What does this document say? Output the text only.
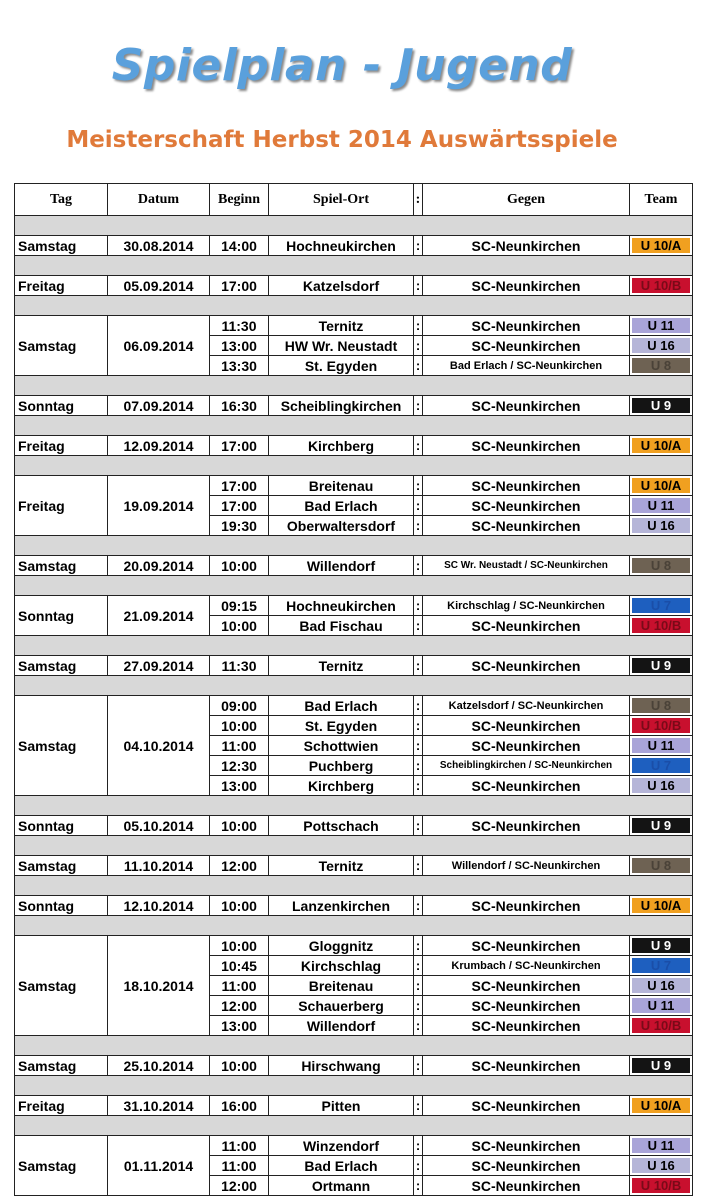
Spielplan - Jugend
Meisterschaft Herbst 2014 Auswärtsspiele
Tag	Datum	Beginn	Spiel-Ort	:	Gegen	Team

Samstag	30.08.2014	14:00	Hochneukirchen	:	SC-Neunkirchen	U 10/A

Freitag	05.09.2014	17:00	Katzelsdorf	:	SC-Neunkirchen	U 10/B

Samstag	06.09.2014	11:30	Ternitz	:	SC-Neunkirchen	U 11

		13:00	HW Wr. Neustadt	:	SC-Neunkirchen	U 16

		13:30	St. Egyden	:	Bad Erlach / SC-Neunkirchen	U 8

Sonntag	07.09.2014	16:30	Scheiblingkirchen	:	SC-Neunkirchen	U 9

Freitag	12.09.2014	17:00	Kirchberg	:	SC-Neunkirchen	U 10/A

Freitag	19.09.2014	17:00	Breitenau	:	SC-Neunkirchen	U 10/A

		17:00	Bad Erlach	:	SC-Neunkirchen	U 11

		19:30	Oberwaltersdorf	:	SC-Neunkirchen	U 16

Samstag	20.09.2014	10:00	Willendorf	:	SC Wr. Neustadt / SC-Neunkirchen	U 8

Sonntag	21.09.2014	09:15	Hochneukirchen	:	Kirchschlag / SC-Neunkirchen	U 7

		10:00	Bad Fischau	:	SC-Neunkirchen	U 10/B

Samstag	27.09.2014	11:30	Ternitz	:	SC-Neunkirchen	U 9

Samstag	04.10.2014	09:00	Bad Erlach	:	Katzelsdorf / SC-Neunkirchen	U 8

		10:00	St. Egyden	:	SC-Neunkirchen	U 10/B

		11:00	Schottwien	:	SC-Neunkirchen	U 11

		12:30	Puchberg	:	Scheiblingkirchen / SC-Neunkirchen	U 7

		13:00	Kirchberg	:	SC-Neunkirchen	U 16

Sonntag	05.10.2014	10:00	Pottschach	:	SC-Neunkirchen	U 9

Samstag	11.10.2014	12:00	Ternitz	:	Willendorf / SC-Neunkirchen	U 8

Sonntag	12.10.2014	10:00	Lanzenkirchen	:	SC-Neunkirchen	U 10/A

Samstag	18.10.2014	10:00	Gloggnitz	:	SC-Neunkirchen	U 9

		10:45	Kirchschlag	:	Krumbach / SC-Neunkirchen	U 7

		11:00	Breitenau	:	SC-Neunkirchen	U 16

		12:00	Schauerberg	:	SC-Neunkirchen	U 11

		13:00	Willendorf	:	SC-Neunkirchen	U 10/B

Samstag	25.10.2014	10:00	Hirschwang	:	SC-Neunkirchen	U 9

Freitag	31.10.2014	16:00	Pitten	:	SC-Neunkirchen	U 10/A

Samstag	01.11.2014	11:00	Winzendorf	:	SC-Neunkirchen	U 11

		11:00	Bad Erlach	:	SC-Neunkirchen	U 16

		12:00	Ortmann	:	SC-Neunkirchen	U 10/B
